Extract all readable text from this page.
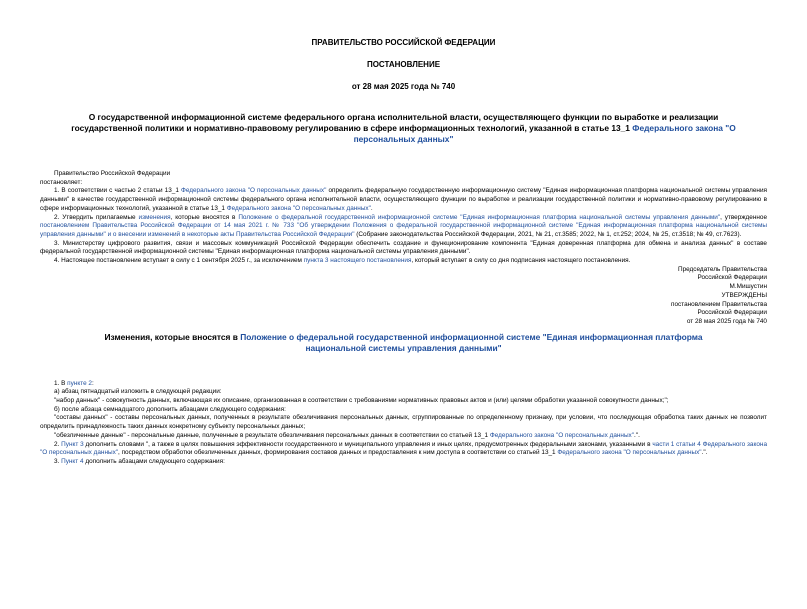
ПРАВИТЕЛЬСТВО РОССИЙСКОЙ ФЕДЕРАЦИИ
ПОСТАНОВЛЕНИЕ
от 28 мая 2025 года № 740
О государственной информационной системе федерального органа исполнительной власти, осуществляющего функции по выработке и реализации государственной политики и нормативно-правовому регулированию в сфере информационных технологий, указанной в статье 13_1 Федерального закона "О персональных данных"

Правительство Российской Федерации

постановляет:

1. В соответствии с частью 2 статьи 13_1 Федерального закона "О персональных данных" определить федеральную государственную информационную систему "Единая информационная платформа национальной системы управления данными" в качестве государственной информационной системы федерального органа исполнительной власти, осуществляющего функции по выработке и реализации государственной политики и нормативно-правовому регулированию в сфере информационных технологий, указанной в статье 13_1 Федерального закона "О персональных данных".

2. Утвердить прилагаемые изменения, которые вносятся в Положение о федеральной государственной информационной системе "Единая информационная платформа национальной системы управления данными", утвержденное постановлением Правительства Российской Федерации от 14 мая 2021 г. № 733 "Об утверждении Положения о федеральной государственной информационной системе "Единая информационная платформа национальной системы управления данными" и о внесении изменений в некоторые акты Правительства Российской Федерации" (Собрание законодательства Российской Федерации, 2021, № 21, ст.3585; 2022, № 1, ст.252; 2024, № 25, ст.3518; № 49, ст.7623).

3. Министерству цифрового развития, связи и массовых коммуникаций Российской Федерации обеспечить создание и функционирование компонента "Единая доверенная платформа для обмена и анализа данных" в составе федеральной государственной информационной системы "Единая информационная платформа национальной системы управления данными".

4. Настоящее постановление вступает в силу с 1 сентября 2025 г., за исключением пункта 3 настоящего постановления, который вступает в силу со дня подписания настоящего постановления.

Председатель Правительства

Российской Федерации

М.Мишустин

УТВЕРЖДЕНЫ

постановлением Правительства

Российской Федерации

от 28 мая 2025 года № 740

Изменения, которые вносятся в Положение о федеральной государственной информационной системе "Единая информационная платформа национальной системы управления данными"

1. В пункте 2:

а) абзац пятнадцатый изложить в следующей редакции:

"набор данных" - совокупность данных, включающая их описание, организованная в соответствии с требованиями нормативных правовых актов и (или) целями обработки указанной совокупности данных;";

б) после абзаца семнадцатого дополнить абзацами следующего содержания:

"составы данных" - составы персональных данных, полученных в результате обезличивания персональных данных, сгруппированные по определенному признаку, при условии, что последующая обработка таких данных не позволит определить принадлежность таких данных конкретному субъекту персональных данных;

"обезличенные данные" - персональные данные, полученные в результате обезличивания персональных данных в соответствии со статьей 13_1 Федерального закона "О персональных данных".".

2. Пункт 3 дополнить словами ", а также в целях повышения эффективности государственного и муниципального управления и иных целях, предусмотренных федеральными законами, указанными в части 1 статьи 4 Федерального закона "О персональных данных", посредством обработки обезличенных данных, формирования составов данных и предоставления к ним доступа в соответствии со статьей 13_1 Федерального закона "О персональных данных".".

3. Пункт 4 дополнить абзацами следующего содержания:
